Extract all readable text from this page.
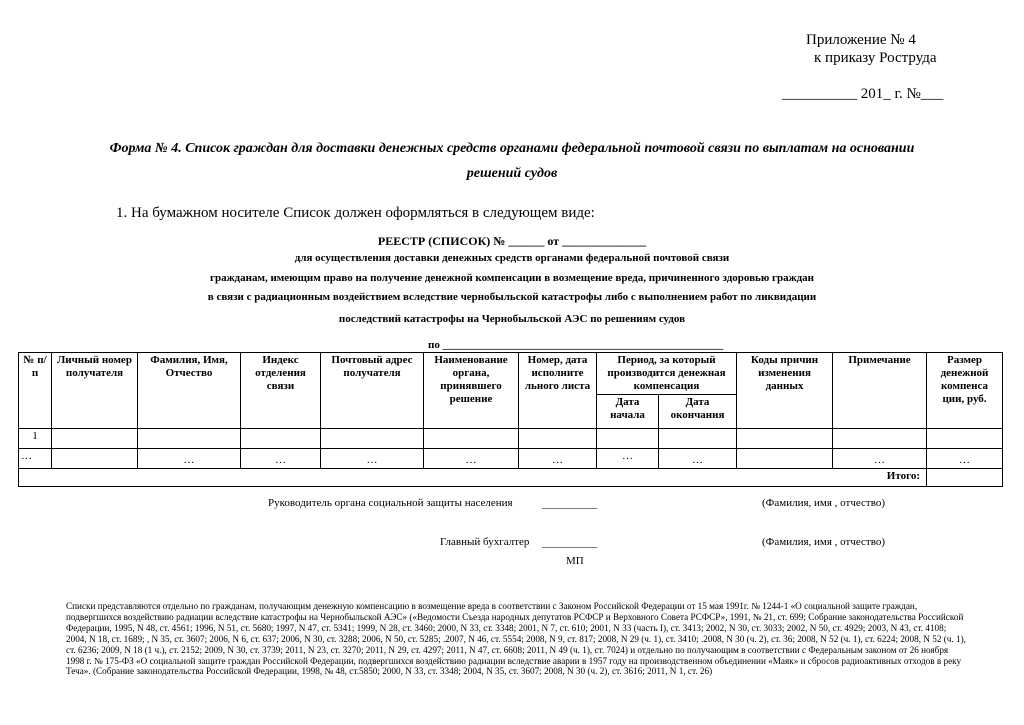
Приложение № 4
к приказу Роструда
__________ 201_ г. №___
Форма № 4. Список граждан для доставки денежных средств органами федеральной почтовой связи по выплатам на основании
решений судов
1. На бумажном носителе Список должен оформляться в следующем виде:
РЕЕСТР (СПИСОК) № ______ от ______________
для осуществления доставки денежных средств органами федеральной почтовой связи
гражданам, имеющим право на получение денежной компенсации в возмещение вреда, причиненного здоровью граждан
в связи с радиационным воздействием вследствие чернобыльской катастрофы либо с выполнением работ по ликвидации
последствий катастрофы на Чернобыльской АЭС по решениям судов
по ___________________________________________________
№ п/п	Личный номер получателя	Фамилия, Имя, Отчество	Индекс отделения связи	Почтовый адрес получателя	Наименование органа, принявшего решение	Номер, дата исполните льного листа	Период, за который производится денежная компенсация		Коды причин изменения данных	Примечание	Размер денежной компенса ции, руб.
							Дата начала	Дата окончания			
1											
…		…	…	…	…	…	…	…		…	…
Итого:											
Руководитель органа социальной защиты населения	__________	(Фамилия, имя , отчество)
Главный бухгалтер __________	(Фамилия, имя , отчество)
МП
Списки представляются отдельно по гражданам, получающим денежную компенсацию в возмещение вреда в соответствии с Законом Российской Федерации от 15 мая 1991г. № 1244-1 «О социальной защите граждан, подвергшихся воздействию радиации вследствие катастрофы на Чернобыльской АЭС» («Ведомости Съезда народных депутатов РСФСР и Верховного Совета РСФСР», 1991, № 21, ст. 699; Собрание законодательства Российской Федерации, 1995, N 48, ст. 4561; 1996, N 51, ст. 5680; 1997, N 47, ст. 5341; 1999, N 28, ст. 3460; 2000, N 33, ст. 3348; 2001, N 7, ст. 610; 2001, N 33 (часть I), ст. 3413; 2002, N 30, ст. 3033; 2002, N 50, ст. 4929; 2003, N 43, ст. 4108; 2004, N 18, ст. 1689; , N 35, ст. 3607; 2006, N 6, ст. 637; 2006, N 30, ст. 3288; 2006, N 50, ст. 5285; .2007, N 46, ст. 5554; 2008, N 9, ст. 817; 2008, N 29 (ч. 1), ст. 3410; .2008, N 30 (ч. 2), ст. 36; 2008, N 52 (ч. 1), ст. 6224; 2008, N 52 (ч. 1), ст. 6236; 2009, N 18 (1 ч.), ст. 2152; 2009, N 30, ст. 3739; 2011, N 23, ст. 3270; 2011, N 29, ст. 4297; 2011, N 47, ст. 6608; 2011, N 49 (ч. 1), ст. 7024) и отдельно по получающим в соответствии с Федеральным законом от 26 ноября 1998 г. № 175-ФЗ «О социальной защите граждан Российской Федерации, подвергшихся воздействию радиации вследствие аварии в 1957 году на производственном объединении «Маяк» и сбросов радиоактивных отходов в реку Теча». (Собрание законодательства Российской Федерации, 1998, № 48, ст.5850; 2000, N 33, ст. 3348; 2004, N 35, ст. 3607; 2008, N 30 (ч. 2), ст. 3616; 2011, N 1, ст. 26)
